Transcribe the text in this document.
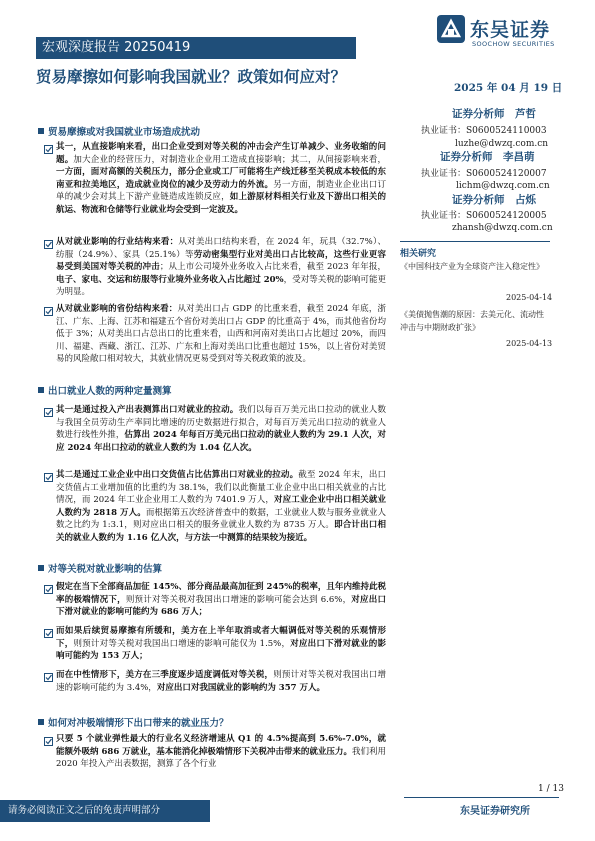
宏观深度报告 20250419
东吴证券
SOOCHOW SECURITIES
贸易摩擦如何影响我国就业？政策如何应对？
2025 年 04 月 19 日
证券分析师　芦哲
执业证书：S0600524110003
luzhe@dwzq.com.cn
证券分析师　李昌萌
执业证书：S0600524120007
lichm@dwzq.com.cn
证券分析师　占烁
执业证书：S0600524120005
zhansh@dwzq.com.cn
相关研究
《中国科技产业为全球资产注入稳定性》
2025-04-14
《美债抛售潮的原因：去美元化、流动性冲击与中期财政扩张》
2025-04-13
贸易摩擦或对我国就业市场造成扰动
其一，从直接影响来看，出口企业受到对等关税的冲击会产生订单减少、业务收缩的问题。加大企业的经营压力，对制造业企业用工造成直接影响；其二，从间接影响来看，一方面，面对高额的关税压力，部分企业或工厂可能将生产线迁移至关税成本较低的东南亚和拉美地区，造成就业岗位的减少及劳动力的外流。另一方面，制造业企业出口订单的减少会对其上下游产业链造成连锁反应，如上游原材料相关行业及下游出口相关的航运、物流和仓储等行业就业均会受到一定波及。
从对就业影响的行业结构来看：从对美出口结构来看，在 2024 年，玩具（32.7%）、纺服（24.9%）、家具（25.1%）等劳动密集型行业对美出口占比较高，这些行业更容易受到美国对等关税的冲击；从上市公司境外业务收入占比来看，截至 2023 年年报，电子、家电、交运和纺服等行业境外业务收入占比超过 20%，受对等关税的影响可能更为明显。
从对就业影响的省份结构来看：从对美出口占 GDP 的比重来看，截至 2024 年底，浙江、广东、上海、江苏和福建五个省份对美出口占 GDP 的比重高于 4%，而其他省份均低于 3%；从对美出口占总出口的比重来看，山西和河南对美出口占比超过 20%，而四川、福建、西藏、浙江、江苏、广东和上海对美出口比重也超过 15%，以上省份对美贸易的风险敞口相对较大，其就业情况更易受到对等关税政策的波及。
出口就业人数的两种定量测算
其一是通过投入产出表测算出口对就业的拉动。我们以每百万美元出口拉动的就业人数与我国全员劳动生产率同比增速的历史数据进行拟合，对每百万美元出口拉动的就业人数进行线性外推，估算出 2024 年每百万美元出口拉动的就业人数约为 29.1 人次，对应 2024 年出口拉动的就业人数约为 1.04 亿人次。
其二是通过工业企业中出口交货值占比估算出口对就业的拉动。截至 2024 年末，出口交货值占工业增加值的比重约为 38.1%，我们以此衡量工业企业中出口相关就业的占比情况，而 2024 年工业企业用工人数约为 7401.9 万人，对应工业企业中出口相关就业人数约为 2818 万人。而根据第五次经济普查中的数据，工业就业人数与服务业就业人数之比约为 1:3.1，则对应出口相关的服务业就业人数约为 8735 万人。即合计出口相关的就业人数约为 1.16 亿人次，与方法一中测算的结果较为接近。
对等关税对就业影响的估算
假定在当下全部商品加征 145%、部分商品最高加征到 245%的税率，且年内维持此税率的极端情况下，则预计对等关税对我国出口增速的影响可能会达到 6.6%，对应出口下滑对就业的影响可能约为 686 万人；
而如果后续贸易摩擦有所缓和，美方在上半年取消或者大幅调低对等关税的乐观情形下，则预计对等关税对我国出口增速的影响可能仅为 1.5%，对应出口下滑对就业的影响可能约为 153 万人；
而在中性情形下，美方在三季度逐步适度调低对等关税，则预计对等关税对我国出口增速的影响可能约为 3.4%，对应出口对我国就业的影响约为 357 万人。
如何对冲极端情形下出口带来的就业压力？
只要 5 个就业弹性最大的行业名义经济增速从 Q1 的 4.5%提高到 5.6%-7.0%，就能额外吸纳 686 万就业，基本能消化掉极端情形下关税冲击带来的就业压力。我们利用 2020 年投入产出表数据，测算了各个行业
1 / 13
东吴证券研究所
请务必阅读正文之后的免责声明部分
